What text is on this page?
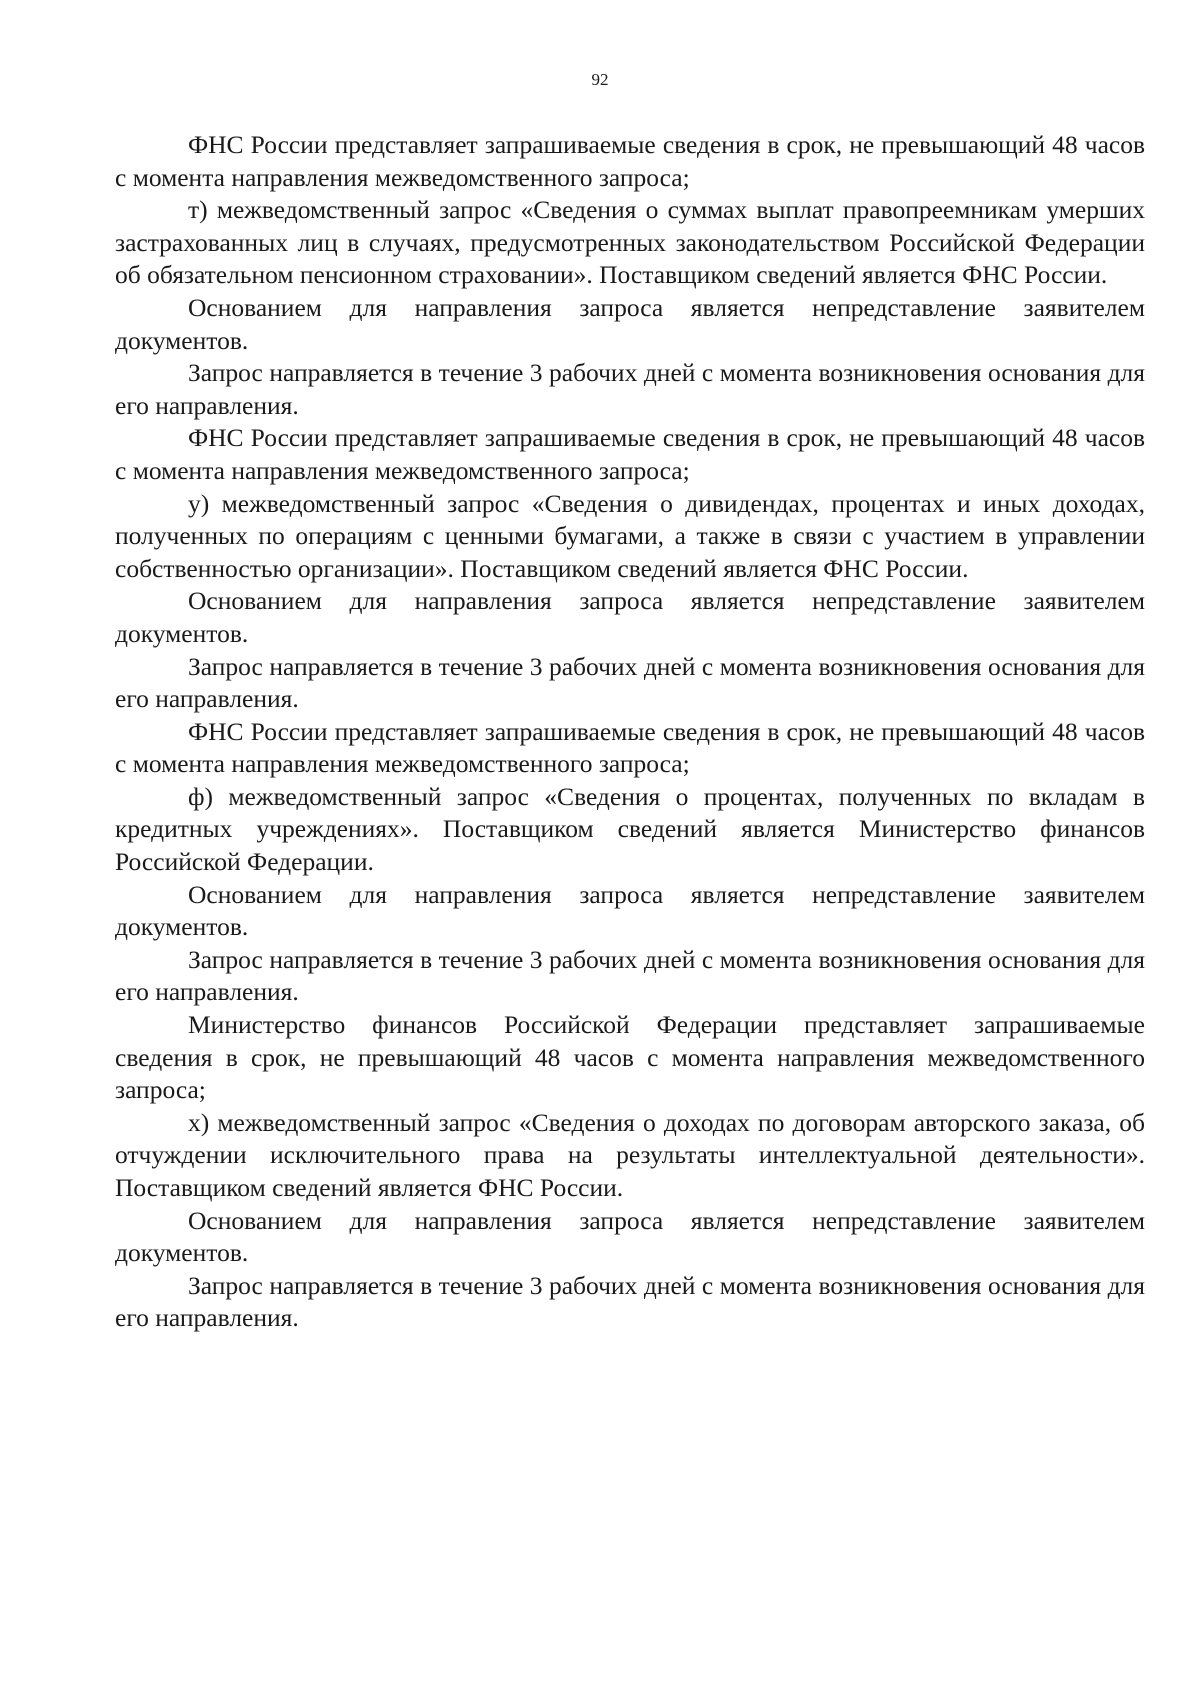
92

ФНС России представляет запрашиваемые сведения в срок, не превышающий 48 часов с момента направления межведомственного запроса;

т) межведомственный запрос «Сведения о суммах выплат правопреемникам умерших застрахованных лиц в случаях, предусмотренных законодательством Российской Федерации об обязательном пенсионном страховании». Поставщиком сведений является ФНС России.

Основанием для направления запроса является непредставление заявителем документов.

Запрос направляется в течение 3 рабочих дней с момента возникновения основания для его направления.

ФНС России представляет запрашиваемые сведения в срок, не превышающий 48 часов с момента направления межведомственного запроса;

у) межведомственный запрос «Сведения о дивидендах, процентах и иных доходах, полученных по операциям с ценными бумагами, а также в связи с участием в управлении собственностью организации». Поставщиком сведений является ФНС России.

Основанием для направления запроса является непредставление заявителем документов.

Запрос направляется в течение 3 рабочих дней с момента возникновения основания для его направления.

ФНС России представляет запрашиваемые сведения в срок, не превышающий 48 часов с момента направления межведомственного запроса;

ф) межведомственный запрос «Сведения о процентах, полученных по вкладам в кредитных учреждениях». Поставщиком сведений является Министерство финансов Российской Федерации.

Основанием для направления запроса является непредставление заявителем документов.

Запрос направляется в течение 3 рабочих дней с момента возникновения основания для его направления.

Министерство финансов Российской Федерации представляет запрашиваемые сведения в срок, не превышающий 48 часов с момента направления межведомственного запроса;

х) межведомственный запрос «Сведения о доходах по договорам авторского заказа, об отчуждении исключительного права на результаты интеллектуальной деятельности». Поставщиком сведений является ФНС России.

Основанием для направления запроса является непредставление заявителем документов.

Запрос направляется в течение 3 рабочих дней с момента возникновения основания для его направления.
